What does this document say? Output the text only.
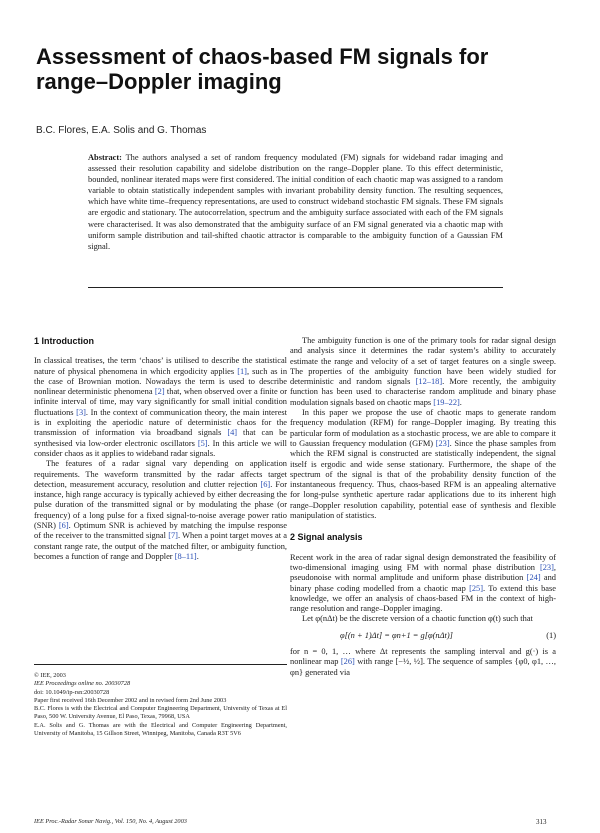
Assessment of chaos-based FM signals for range–Doppler imaging
B.C. Flores, E.A. Solis and G. Thomas

Abstract: The authors analysed a set of random frequency modulated (FM) signals for wideband radar imaging and assessed their resolution capability and sidelobe distribution on the range–Doppler plane. To this effect deterministic, bounded, nonlinear iterated maps were first considered. The initial condition of each chaotic map was assigned to a random variable to obtain statistically independent samples with invariant probability density function. The resulting sequences, which have white time–frequency representations, are used to construct wideband stochastic FM signals. These FM signals are ergodic and stationary. The autocorrelation, spectrum and the ambiguity surface associated with each of the FM signals were characterised. It was also demonstrated that the ambiguity surface of an FM signal generated via a chaotic map with uniform sample distribution and tail-shifted chaotic attractor is comparable to the ambiguity function of a Gaussian FM signal.

1 Introduction

In classical treatises, the term ‘chaos’ is utilised to describe the statistical nature of physical phenomena in which ergodicity applies [1], such as in the case of Brownian motion. Nowadays the term is used to describe nonlinear deterministic phenomena [2] that, when observed over a finite or infinite interval of time, may vary significantly for small initial condition fluctuations [3]. In the context of communication theory, the main interest is in exploiting the aperiodic nature of deterministic chaos for the transmission of information via broadband signals [4] that can be synthesised via low-order electronic oscillators [5]. In this article we will consider chaos as it applies to wideband radar signals.

The features of a radar signal vary depending on application requirements. The waveform transmitted by the radar affects target detection, measurement accuracy, resolution and clutter rejection [6]. For instance, high range accuracy is typically achieved by either decreasing the pulse duration of the transmitted signal or by modulating the phase (or frequency) of a long pulse for a fixed signal-to-noise average power ratio (SNR) [6]. Optimum SNR is achieved by matching the impulse response of the receiver to the transmitted signal [7]. When a point target moves at a constant range rate, the output of the matched filter, or ambiguity function, becomes a function of range and Doppler [8–11].

© IEE, 2003

IEE Proceedings online no. 20030728

doi: 10.1049/ip-rsn:20030728

Paper first received 16th December 2002 and in revised form 2nd June 2003

B.C. Flores is with the Electrical and Computer Engineering Department, University of Texas at El Paso, 500 W. University Avenue, El Paso, Texas, 79968, USA

E.A. Solis and G. Thomas are with the Electrical and Computer Engineering Department, University of Manitoba, 15 Gillson Street, Winnipeg, Manitoba, Canada R3T 5V6

The ambiguity function is one of the primary tools for radar signal design and analysis since it determines the radar system’s ability to accurately estimate the range and velocity of a set of target features on a single sweep. The properties of the ambiguity function have been widely studied for deterministic and random signals [12–18]. More recently, the ambiguity function has been used to characterise random amplitude and binary phase modulation signals based on chaotic maps [19–22].

In this paper we propose the use of chaotic maps to generate random frequency modulation (RFM) for range–Doppler imaging. By treating this particular form of modulation as a stochastic process, we are able to compare it to Gaussian frequency modulation (GFM) [23]. Since the phase samples from which the RFM signal is constructed are statistically independent, the signal itself is ergodic and wide sense stationary. Furthermore, the shape of the spectrum of the signal is that of the probability density function of the instantaneous frequency. Thus, chaos-based RFM is an appealing alternative for long-pulse synthetic aperture radar applications due to its inherent high range–Doppler resolution capability, potential ease of synthesis and flexible manipulation of statistics.

2 Signal analysis

Recent work in the area of radar signal design demonstrated the feasibility of two-dimensional imaging using FM with normal phase distribution [23], pseudonoise with normal amplitude and uniform phase distribution [24] and binary phase coding modelled from a chaotic map [25]. To extend this base knowledge, we offer an analysis of chaos-based FM in the context of high-range resolution and range–Doppler imaging.

Let φ(nΔt) be the discrete version of a chaotic function φ(t) such that

φ[(n + 1)Δt] = φn+1 = g[φ(nΔt)]	(1)

for n = 0, 1, … where Δt represents the sampling interval and g(·) is a nonlinear map [26] with range [−½, ½]. The sequence of samples {φ0, φ1, …, φn} generated via

IEE Proc.-Radar Sonar Navig., Vol. 150, No. 4, August 2003	313
